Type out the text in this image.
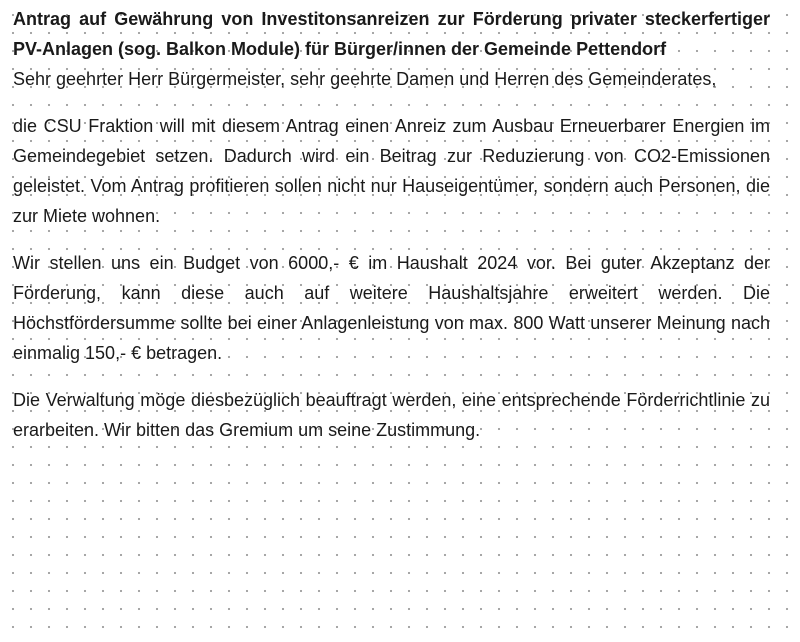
Antrag auf Gewährung von Investitonsanreizen zur Förderung privater steckerfertiger PV-Anlagen (sog. Balkon Module) für Bürger/innen der Gemeinde Pettendorf

Sehr geehrter Herr Bürgermeister, sehr geehrte Damen und Herren des Gemeinderates,

die CSU Fraktion will mit diesem Antrag einen Anreiz zum Ausbau Erneuerbarer Energien im Gemeindegebiet setzen. Dadurch wird ein Beitrag zur Reduzierung von CO2-Emissionen geleistet. Vom Antrag profitieren sollen nicht nur Hauseigentümer, sondern auch Personen, die zur Miete wohnen.

Wir stellen uns ein Budget von 6000,- € im Haushalt 2024 vor. Bei guter Akzeptanz der Förderung, kann diese auch auf weitere Haushaltsjahre erweitert werden. Die Höchstfördersumme sollte bei einer Anlagenleistung von max. 800 Watt unserer Meinung nach einmalig 150,- € betragen.

Die Verwaltung möge diesbezüglich beauftragt werden, eine entsprechende Förderrichtlinie zu erarbeiten. Wir bitten das Gremium um seine Zustimmung.
